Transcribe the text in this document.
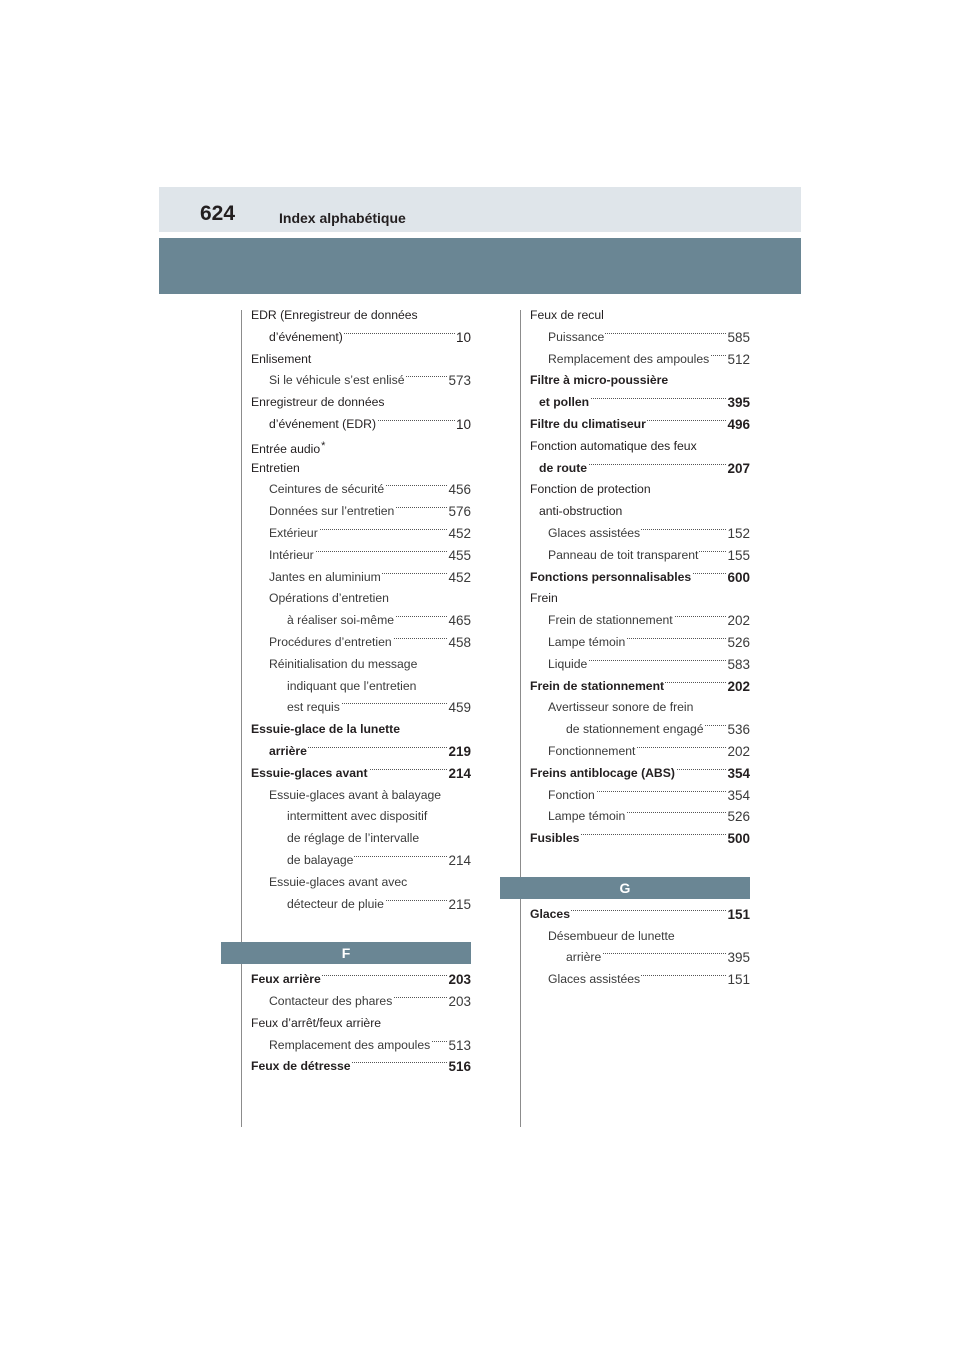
624	Index alphabétique
EDR (Enregistreur de données
d’événement)	10
Enlisement
Si le véhicule s’est enlisé	573
Enregistreur de données
d’événement (EDR)	10
Entrée audio*
Entretien
Ceintures de sécurité	456
Données sur l’entretien	576
Extérieur	452
Intérieur	455
Jantes en aluminium	452
Opérations d’entretien
à réaliser soi-même	465
Procédures d’entretien	458
Réinitialisation du message
indiquant que l’entretien
est requis	459
Essuie-glace de la lunette
arrière	219
Essuie-glaces avant	214
Essuie-glaces avant à balayage
intermittent avec dispositif
de réglage de l’intervalle
de balayage	214
Essuie-glaces avant avec
détecteur de pluie	215
F
Feux arrière	203
Contacteur des phares	203
Feux d’arrêt/feux arrière
Remplacement des ampoules 513
Feux de détresse	516
Feux de recul
Puissance	585
Remplacement des ampoules 512
Filtre à micro-poussière
et pollen	395
Filtre du climatiseur	496
Fonction automatique des feux
de route	207
Fonction de protection
anti-obstruction
Glaces assistées	152
Panneau de toit transparent 155
Fonctions personnalisables	600
Frein
Frein de stationnement	202
Lampe témoin	526
Liquide	583
Frein de stationnement	202
Avertisseur sonore de frein
de stationnement engagé 536
Fonctionnement	202
Freins antiblocage (ABS)	354
Fonction	354
Lampe témoin	526
Fusibles	500
G
Glaces	151
Désembueur de lunette
arrière	395
Glaces assistées	151
